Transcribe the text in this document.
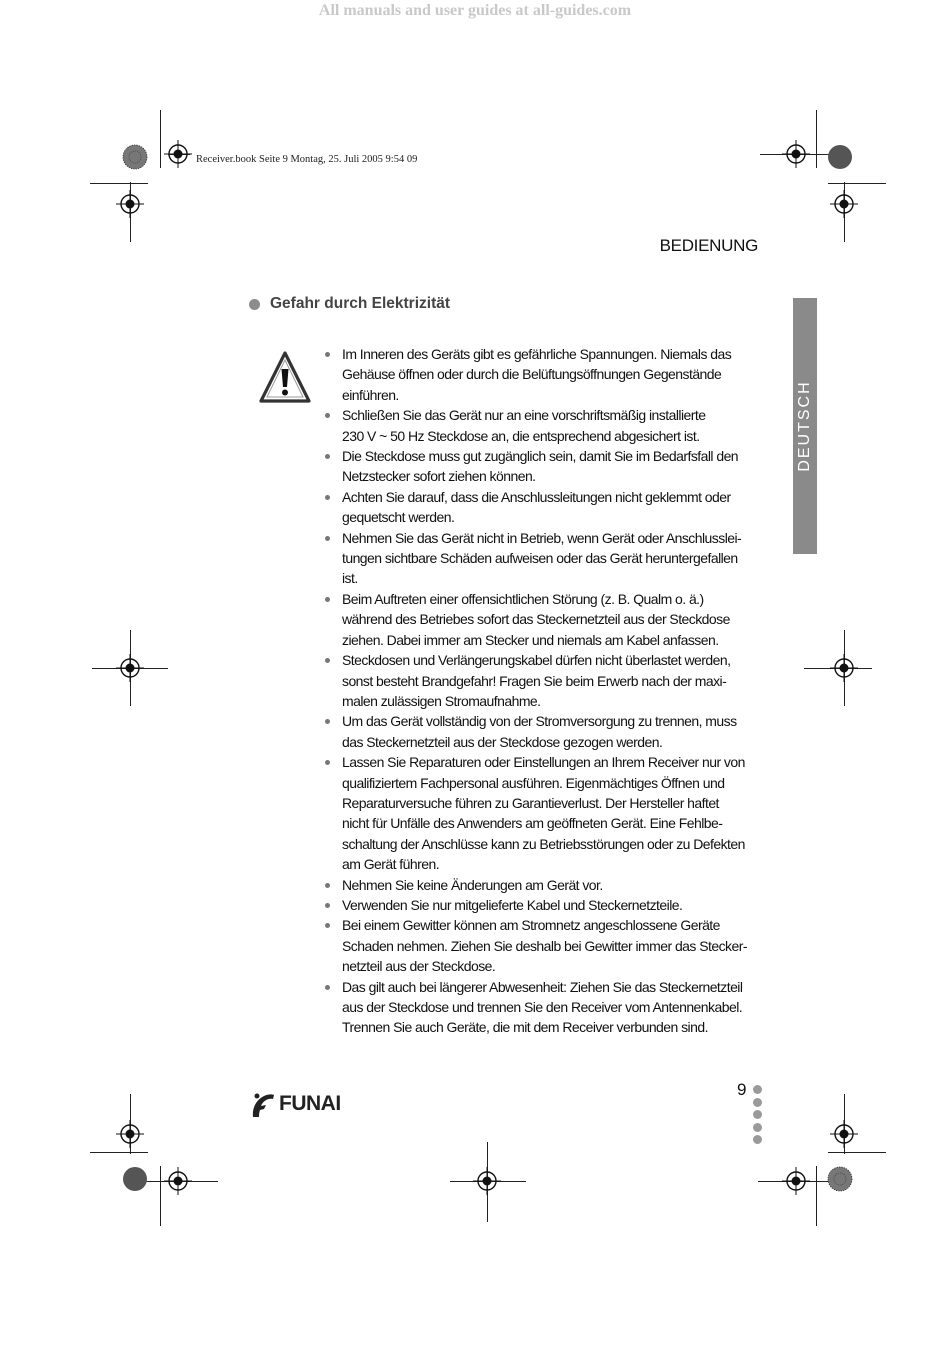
All manuals and user guides at all-guides.com
Receiver.book Seite 9 Montag, 25. Juli 2005 9:54 09
BEDIENUNG
DEUTSCH
Gefahr durch Elektrizität
Im Inneren des Geräts gibt es gefährliche Spannungen. Niemals das
Gehäuse öffnen oder durch die Belüftungsöffnungen Gegenstände
einführen.
Schließen Sie das Gerät nur an eine vorschriftsmäßig installierte
230 V ~ 50 Hz Steckdose an, die entsprechend abgesichert ist.
Die Steckdose muss gut zugänglich sein, damit Sie im Bedarfsfall den
Netzstecker sofort ziehen können.
Achten Sie darauf, dass die Anschlussleitungen nicht geklemmt oder
gequetscht werden.
Nehmen Sie das Gerät nicht in Betrieb, wenn Gerät oder Anschlusslei-
tungen sichtbare Schäden aufweisen oder das Gerät heruntergefallen
ist.
Beim Auftreten einer offensichtlichen Störung (z. B. Qualm o. ä.)
während des Betriebes sofort das Steckernetzteil aus der Steckdose
ziehen. Dabei immer am Stecker und niemals am Kabel anfassen.
Steckdosen und Verlängerungskabel dürfen nicht überlastet werden,
sonst besteht Brandgefahr! Fragen Sie beim Erwerb nach der maxi-
malen zulässigen Stromaufnahme.
Um das Gerät vollständig von der Stromversorgung zu trennen, muss
das Steckernetzteil aus der Steckdose gezogen werden.
Lassen Sie Reparaturen oder Einstellungen an Ihrem Receiver nur von
qualifiziertem Fachpersonal ausführen. Eigenmächtiges Öffnen und
Reparaturversuche führen zu Garantieverlust. Der Hersteller haftet
nicht für Unfälle des Anwenders am geöffneten Gerät. Eine Fehlbe-
schaltung der Anschlüsse kann zu Betriebsstörungen oder zu Defekten
am Gerät führen.
Nehmen Sie keine Änderungen am Gerät vor.
Verwenden Sie nur mitgelieferte Kabel und Steckernetzteile.
Bei einem Gewitter können am Stromnetz angeschlossene Geräte
Schaden nehmen. Ziehen Sie deshalb bei Gewitter immer das Stecker-
netzteil aus der Steckdose.
Das gilt auch bei längerer Abwesenheit: Ziehen Sie das Steckernetzteil
aus der Steckdose und trennen Sie den Receiver vom Antennenkabel.
Trennen Sie auch Geräte, die mit dem Receiver verbunden sind.
FUNAI
9
